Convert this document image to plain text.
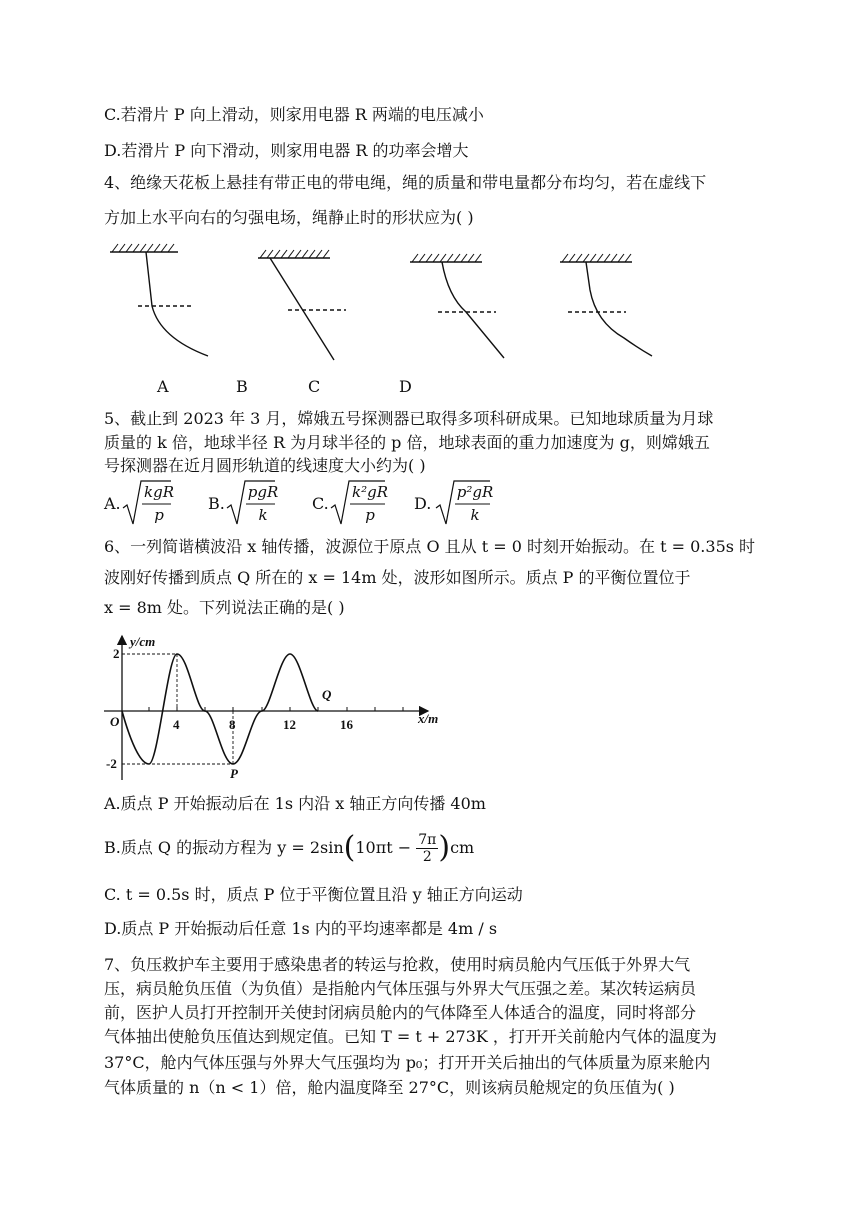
C.若滑片 P 向上滑动，则家用电器 R 两端的电压减小
D.若滑片 P 向下滑动，则家用电器 R 的功率会增大
4、绝缘天花板上悬挂有带正电的带电绳，绳的质量和带电量都分布均匀，若在虚线下
方加上水平向右的匀强电场，绳静止时的形状应为( )
A	B	C	D
5、截止到 2023 年 3 月，嫦娥五号探测器已取得多项科研成果。已知地球质量为月球
质量的 k 倍，地球半径 R 为月球半径的 p 倍，地球表面的重力加速度为 g，则嫦娥五
号探测器在近月圆形轨道的线速度大小约为( )
A.
kgR
p
B.
pgR
k
C.
k²gR
p
D.
p²gR
k
6、一列简谐横波沿 x 轴传播，波源位于原点 O 且从 t = 0 时刻开始振动。在 t = 0.35s 时
波刚好传播到质点 Q 所在的 x = 14m 处，波形如图所示。质点 P 的平衡位置位于
x = 8m 处。下列说法正确的是( )
2
-2
O	4	8	12	16	x/m
y/cm
P
Q
A.质点 P 开始振动后在 1s 内沿 x 轴正方向传播 40m
B.质点 Q 的振动方程为 $y = 2\sin(10\pi t - \frac{7\pi}{2} )cm$
C. t = 0.5s 时，质点 P 位于平衡位置且沿 y 轴正方向运动
D.质点 P 开始振动后任意 1s 内的平均速率都是 4m / s
7、负压救护车主要用于感染患者的转运与抢救，使用时病员舱内气压低于外界大气
压，病员舱负压值（为负值）是指舱内气体压强与外界大气压强之差。某次转运病员
前，医护人员打开控制开关使封闭病员舱内的气体降至人体适合的温度，同时将部分
气体抽出使舱负压值达到规定值。已知 T = t + 273K ，打开开关前舱内气体的温度为
37°C，舱内气体压强与外界大气压强均为 p₀；打开开关后抽出的气体质量为原来舱内
气体质量的 n（n < 1）倍，舱内温度降至 27°C，则该病员舱规定的负压值为( )
